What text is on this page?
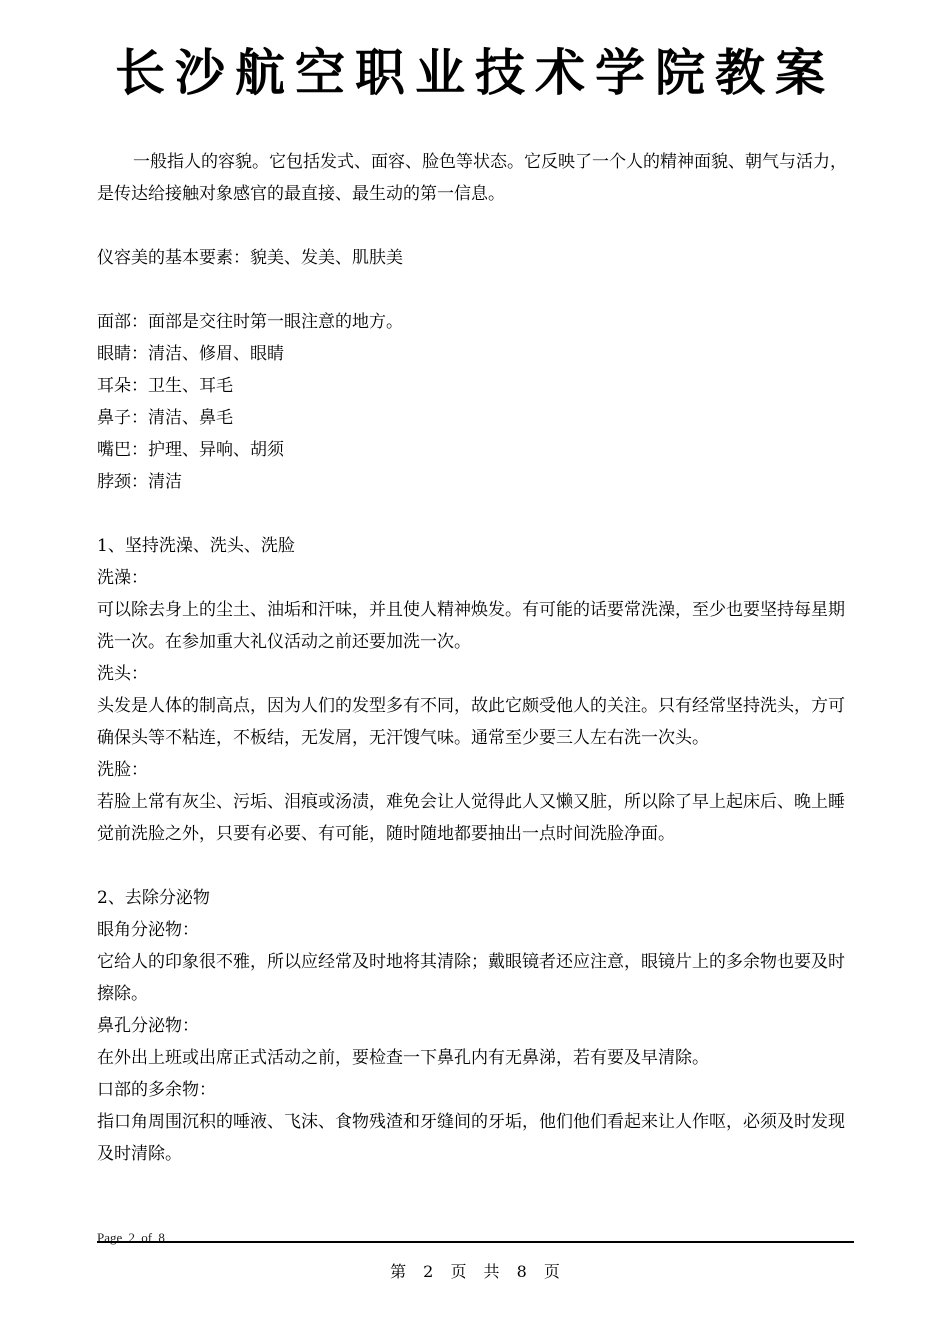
长沙航空职业技术学院教案

一般指人的容貌。它包括发式、面容、脸色等状态。它反映了一个人的精神面貌、朝气与活力，是传达给接触对象感官的最直接、最生动的第一信息。

仪容美的基本要素：貌美、发美、肌肤美

面部：面部是交往时第一眼注意的地方。

眼睛：清洁、修眉、眼睛

耳朵：卫生、耳毛

鼻子：清洁、鼻毛

嘴巴：护理、异响、胡须

脖颈：清洁

1、坚持洗澡、洗头、洗脸

洗澡：

可以除去身上的尘土、油垢和汗味，并且使人精神焕发。有可能的话要常洗澡，至少也要坚持每星期洗一次。在参加重大礼仪活动之前还要加洗一次。

洗头：

头发是人体的制高点，因为人们的发型多有不同，故此它颇受他人的关注。只有经常坚持洗头，方可确保头等不粘连，不板结，无发屑，无汗馊气味。通常至少要三人左右洗一次头。

洗脸：

若脸上常有灰尘、污垢、泪痕或汤渍，难免会让人觉得此人又懒又脏，所以除了早上起床后、晚上睡觉前洗脸之外，只要有必要、有可能，随时随地都要抽出一点时间洗脸净面。

2、去除分泌物

眼角分泌物：

它给人的印象很不雅，所以应经常及时地将其清除；戴眼镜者还应注意，眼镜片上的多余物也要及时擦除。

鼻孔分泌物：

在外出上班或出席正式活动之前，要检查一下鼻孔内有无鼻涕，若有要及早清除。

口部的多余物：

指口角周围沉积的唾液、飞沫、食物残渣和牙缝间的牙垢，他们他们看起来让人作呕，必须及时发现及时清除。

Page 2 of 8
第 2 页 共 8 页
